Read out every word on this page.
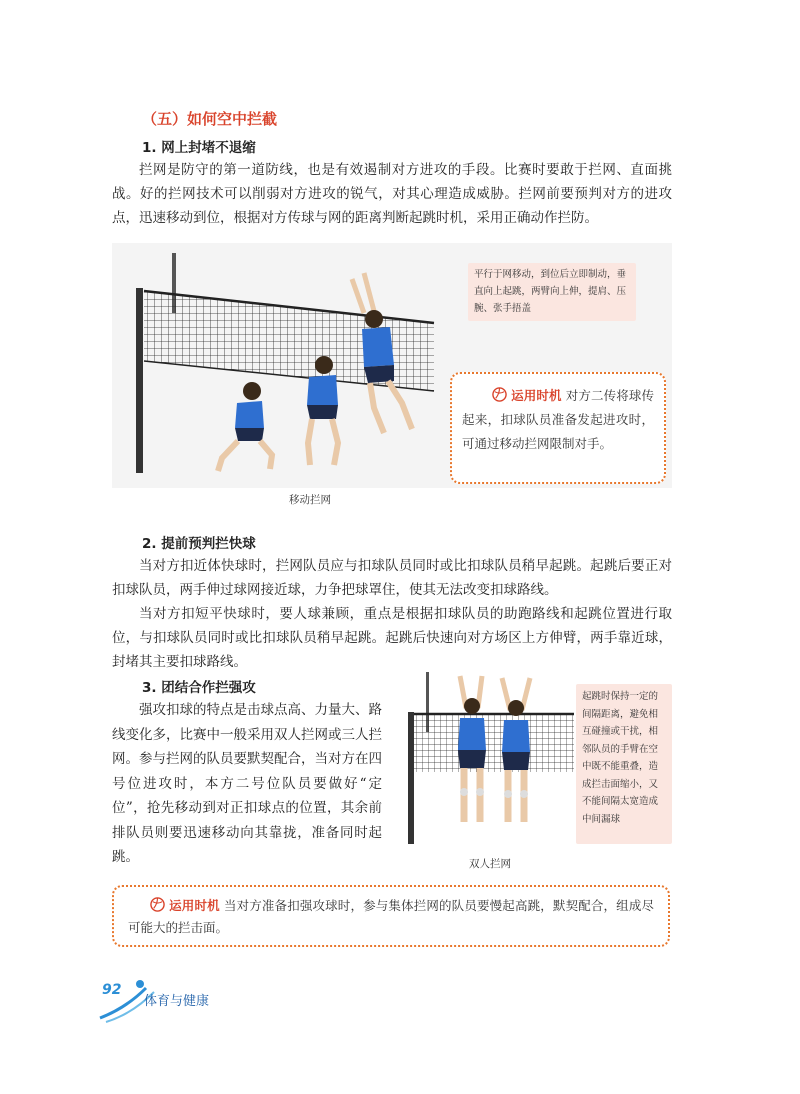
（五）如何空中拦截
1. 网上封堵不退缩

拦网是防守的第一道防线，也是有效遏制对方进攻的手段。比赛时要敢于拦网、直面挑战。好的拦网技术可以削弱对方进攻的锐气，对其心理造成威胁。拦网前要预判对方的进攻点，迅速移动到位，根据对方传球与网的距离判断起跳时机，采用正确动作拦防。

平行于网移动，到位后立即制动，垂直向上起跳，两臂向上伸，提肩、压腕、张手捂盖
运用时机 对方二传将球传起来，扣球队员准备发起进攻时，可通过移动拦网限制对手。
移动拦网
2. 提前预判拦快球

当对方扣近体快球时，拦网队员应与扣球队员同时或比扣球队员稍早起跳。起跳后要正对扣球队员，两手伸过球网接近球，力争把球罩住，使其无法改变扣球路线。

当对方扣短平快球时，要人球兼顾，重点是根据扣球队员的助跑路线和起跳位置进行取位，与扣球队员同时或比扣球队员稍早起跳。起跳后快速向对方场区上方伸臂，两手靠近球，封堵其主要扣球路线。

3. 团结合作拦强攻

强攻扣球的特点是击球点高、力量大、路线变化多，比赛中一般采用双人拦网或三人拦网。参与拦网的队员要默契配合，当对方在四号位进攻时，本方二号位队员要做好“定位”，抢先移动到对正扣球点的位置，其余前排队员则要迅速移动向其靠拢，准备同时起跳。

起跳时保持一定的间隔距离，避免相互碰撞或干扰，相邻队员的手臂在空中既不能重叠，造成拦击面缩小，又不能间隔太宽造成中间漏球
双人拦网
运用时机 当对方准备扣强攻球时，参与集体拦网的队员要慢起高跳，默契配合，组成尽可能大的拦击面。
92
体育与健康
